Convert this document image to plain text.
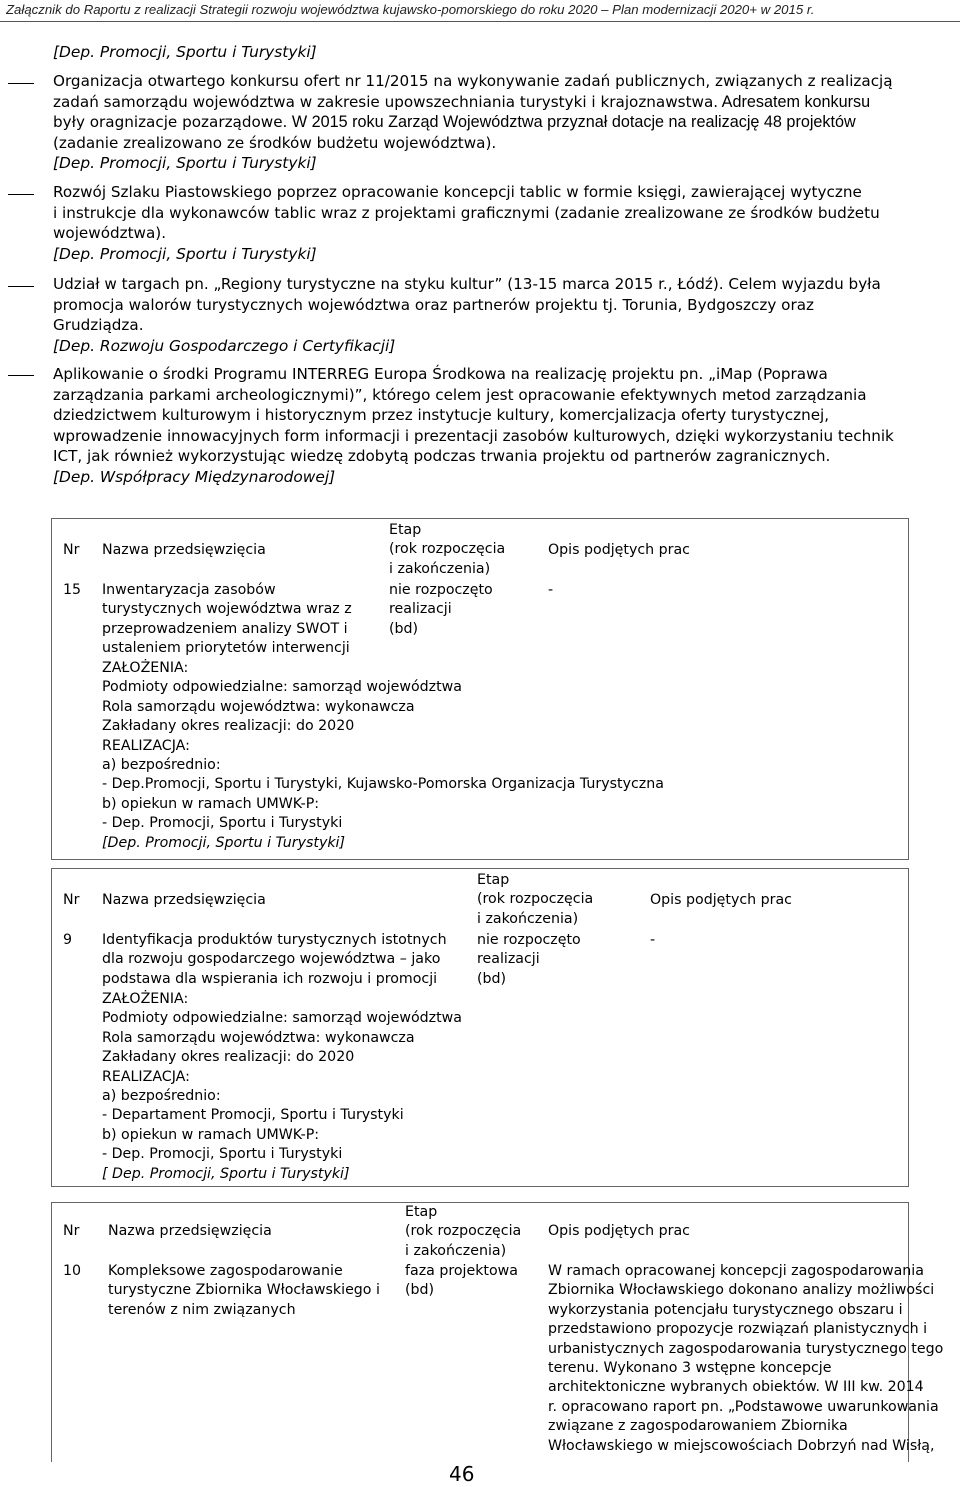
Załącznik do Raportu z realizacji Strategii rozwoju województwa kujawsko-pomorskiego do roku 2020 – Plan modernizacji 2020+ w 2015 r.
[Dep. Promocji, Sportu i Turystyki]
Organizacja otwartego konkursu ofert nr 11/2015 na wykonywanie zadań publicznych, związanych z realizacją
zadań samorządu województwa w zakresie upowszechniania turystyki i krajoznawstwa. Adresatem konkursu
były oragnizacje pozarządowe. W 2015 roku Zarząd Województwa przyznał dotacje na realizację 48 projektów
(zadanie zrealizowano ze środków budżetu województwa).
[Dep. Promocji, Sportu i Turystyki]
Rozwój Szlaku Piastowskiego poprzez opracowanie koncepcji tablic w formie księgi, zawierającej wytyczne
i instrukcje dla wykonawców tablic wraz z projektami graficznymi (zadanie zrealizowane ze środków budżetu
województwa).
[Dep. Promocji, Sportu i Turystyki]
Udział w targach pn. „Regiony turystyczne na styku kultur” (13-15 marca 2015 r., Łódź). Celem wyjazdu była
promocja walorów turystycznych województwa oraz partnerów projektu tj. Torunia, Bydgoszczy oraz
Grudziądza.
[Dep. Rozwoju Gospodarczego i Certyfikacji]
Aplikowanie o środki Programu INTERREG Europa Środkowa na realizację projektu pn. „iMap (Poprawa
zarządzania parkami archeologicznymi)”, którego celem jest opracowanie efektywnych metod zarządzania
dziedzictwem kulturowym i historycznym przez instytucje kultury, komercjalizacja oferty turystycznej,
wprowadzenie innowacyjnych form informacji i prezentacji zasobów kulturowych, dzięki wykorzystaniu technik
ICT, jak również wykorzystując wiedzę zdobytą podczas trwania projektu od partnerów zagranicznych.
[Dep. Współpracy Międzynarodowej]
Nr Nazwa przedsięwzięcia
Etap
(rok rozpoczęcia
i zakończenia)
Opis podjętych prac
15 Inwentaryzacja zasobów
turystycznych województwa wraz z
przeprowadzeniem analizy SWOT i
ustaleniem priorytetów interwencji
nie rozpoczęto
realizacji
(bd)
-
ZAŁOŻENIA:
Podmioty odpowiedzialne: samorząd województwa
Rola samorządu województwa: wykonawcza
Zakładany okres realizacji: do 2020
REALIZACJA:
a) bezpośrednio:
- Dep.Promocji, Sportu i Turystyki, Kujawsko-Pomorska Organizacja Turystyczna
b) opiekun w ramach UMWK-P:
- Dep. Promocji, Sportu i Turystyki
[Dep. Promocji, Sportu i Turystyki]
Nr Nazwa przedsięwzięcia
Etap
(rok rozpoczęcia
i zakończenia)
Opis podjętych prac
9 Identyfikacja produktów turystycznych istotnych
dla rozwoju gospodarczego województwa – jako
podstawa dla wspierania ich rozwoju i promocji
nie rozpoczęto
realizacji
(bd)
-
ZAŁOŻENIA:
Podmioty odpowiedzialne: samorząd województwa
Rola samorządu województwa: wykonawcza
Zakładany okres realizacji: do 2020
REALIZACJA:
a) bezpośrednio:
- Departament Promocji, Sportu i Turystyki
b) opiekun w ramach UMWK-P:
- Dep. Promocji, Sportu i Turystyki
[ Dep. Promocji, Sportu i Turystyki]
Nr Nazwa przedsięwzięcia
Etap
(rok rozpoczęcia
i zakończenia)
Opis podjętych prac
10 Kompleksowe zagospodarowanie
turystyczne Zbiornika Włocławskiego i
terenów z nim związanych
faza projektowa
(bd)
W ramach opracowanej koncepcji zagospodarowania
Zbiornika Włocławskiego dokonano analizy możliwości
wykorzystania potencjału turystycznego obszaru i
przedstawiono propozycje rozwiązań planistycznych i
urbanistycznych zagospodarowania turystycznego tego
terenu. Wykonano 3 wstępne koncepcje
architektoniczne wybranych obiektów. W III kw. 2014
r. opracowano raport pn. „Podstawowe uwarunkowania
związane z zagospodarowaniem Zbiornika
Włocławskiego w miejscowościach Dobrzyń nad Wisłą,
46
